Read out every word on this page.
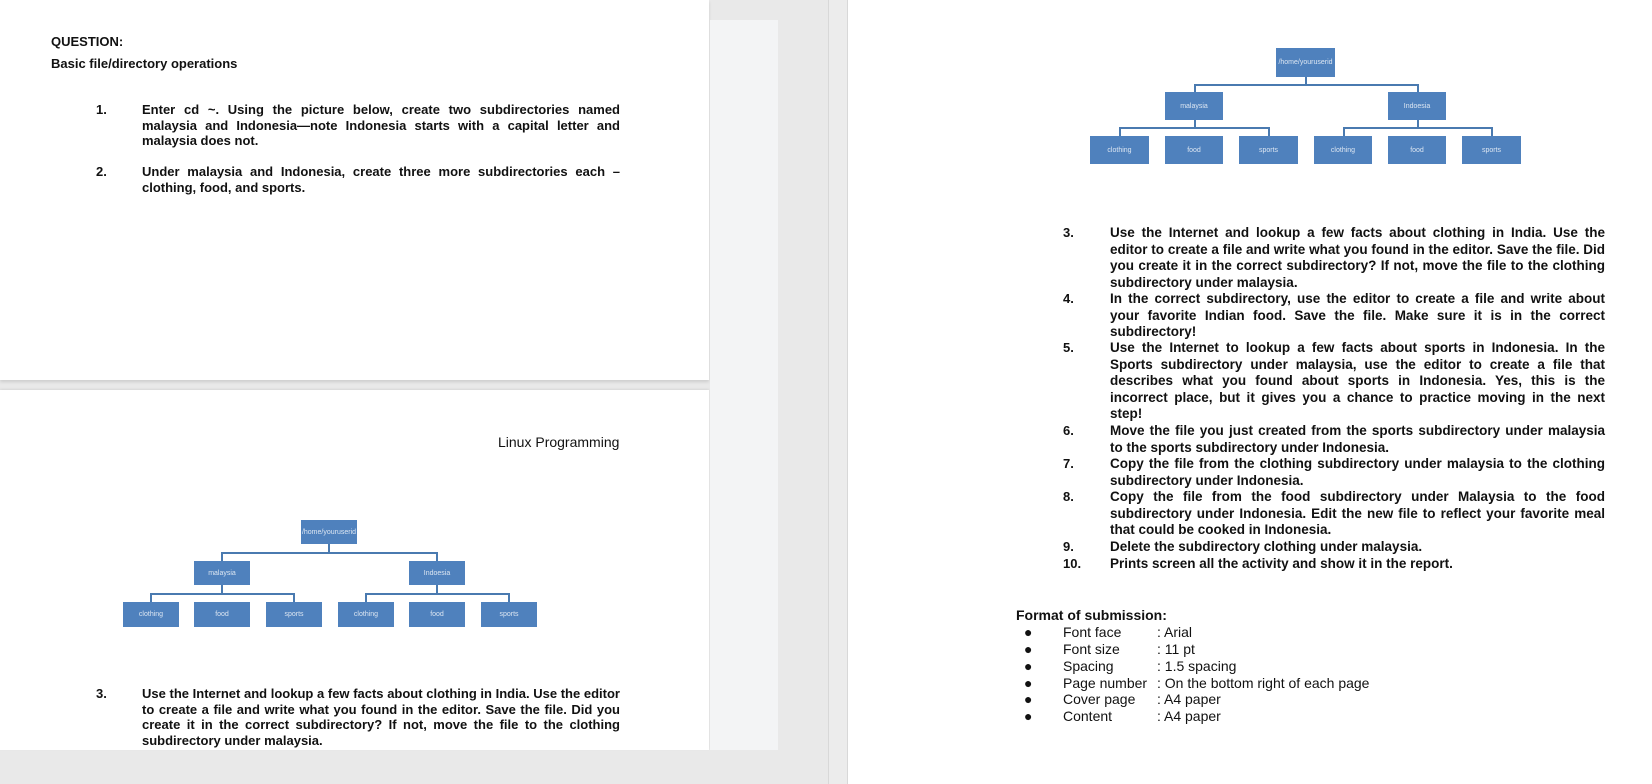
QUESTION:
Basic file/directory operations
1.	Enter cd ~. Using the picture below, create two subdirectories named malaysia and Indonesia—note Indonesia starts with a capital letter and malaysia does not.
2.	Under malaysia and Indonesia, create three more subdirectories each – clothing, food, and sports.
Linux Programming
/home/youruserid
malaysia	Indoesia
clothing	food	sports	clothing	food	sports
3.	Use the Internet and lookup a few facts about clothing in India. Use the editor to create a file and write what you found in the editor. Save the file. Did you create it in the correct subdirectory? If not, move the file to the clothing subdirectory under malaysia.
/home/youruserid
malaysia	Indoesia
clothing	food	sports	clothing	food	sports
3.	Use the Internet and lookup a few facts about clothing in India. Use the editor to create a file and write what you found in the editor. Save the file. Did you create it in the correct subdirectory? If not, move the file to the clothing subdirectory under malaysia.
4.	In the correct subdirectory, use the editor to create a file and write about your favorite Indian food. Save the file. Make sure it is in the correct subdirectory!
5.	Use the Internet to lookup a few facts about sports in Indonesia. In the Sports subdirectory under malaysia, use the editor to create a file that describes what you found about sports in Indonesia. Yes, this is the incorrect place, but it gives you a chance to practice moving in the next step!
6.	Move the file you just created from the sports subdirectory under malaysia to the sports subdirectory under Indonesia.
7.	Copy the file from the clothing subdirectory under malaysia to the clothing subdirectory under Indonesia.
8.	Copy the file from the food subdirectory under Malaysia to the food subdirectory under Indonesia. Edit the new file to reflect your favorite meal that could be cooked in Indonesia.
9.	Delete the subdirectory clothing under malaysia.
10. Prints screen all the activity and show it in the report.
Format of submission:
● Font face	: Arial
● Font size	: 11 pt
● Spacing	: 1.5 spacing
● Page number : On the bottom right of each page
● Cover page : A4 paper
● Content	: A4 paper
